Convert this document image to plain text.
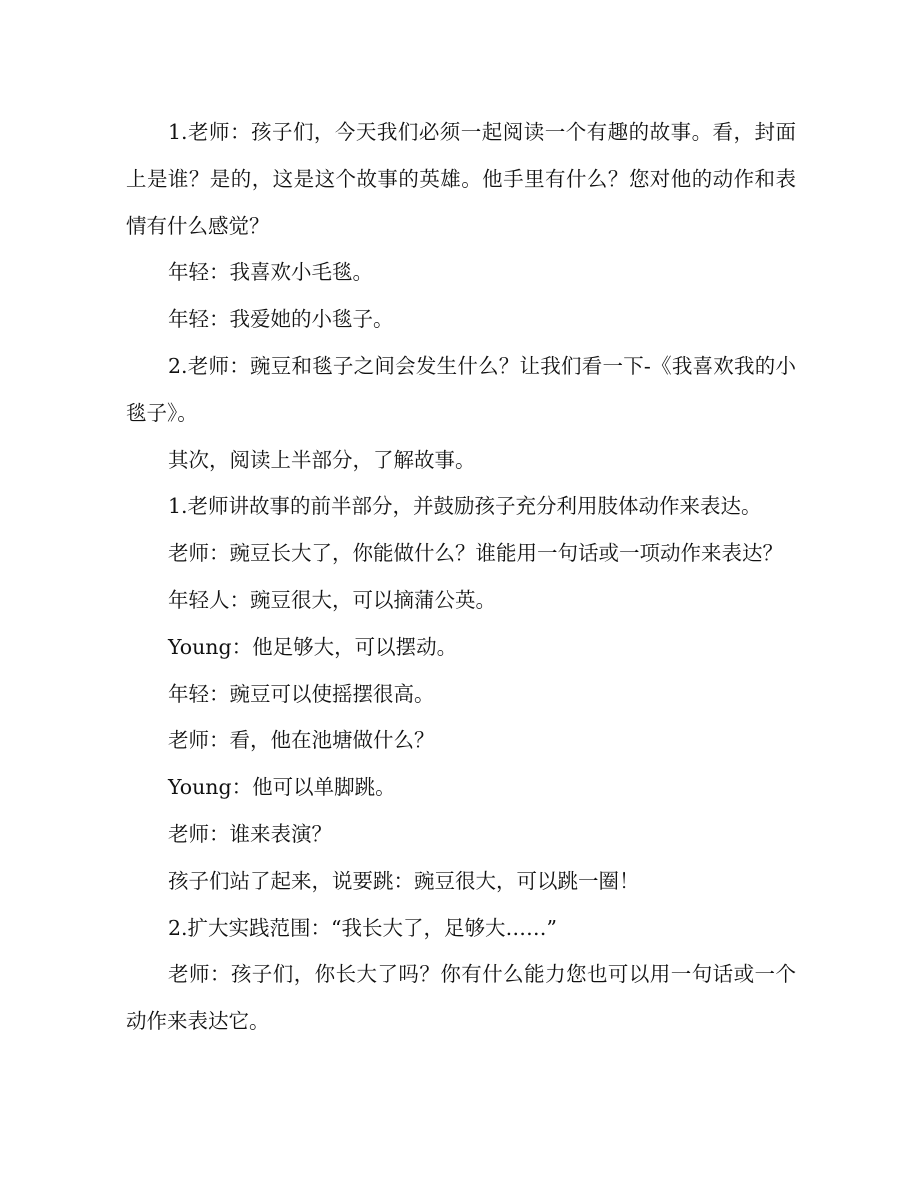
1.老师：孩子们，今天我们必须一起阅读一个有趣的故事。看，封面上是谁？是的，这是这个故事的英雄。他手里有什么？您对他的动作和表情有什么感觉？

年轻：我喜欢小毛毯。

年轻：我爱她的小毯子。

2.老师：豌豆和毯子之间会发生什么？让我们看一下-《我喜欢我的小毯子》。

其次，阅读上半部分，了解故事。

1.老师讲故事的前半部分，并鼓励孩子充分利用肢体动作来表达。

老师：豌豆长大了，你能做什么？谁能用一句话或一项动作来表达？

年轻人：豌豆很大，可以摘蒲公英。

Young：他足够大，可以摆动。

年轻：豌豆可以使摇摆很高。

老师：看，他在池塘做什么？

Young：他可以单脚跳。

老师：谁来表演？

孩子们站了起来，说要跳：豌豆很大，可以跳一圈！

2.扩大实践范围：“我长大了，足够大……”

老师：孩子们，你长大了吗？你有什么能力您也可以用一句话或一个动作来表达它。
